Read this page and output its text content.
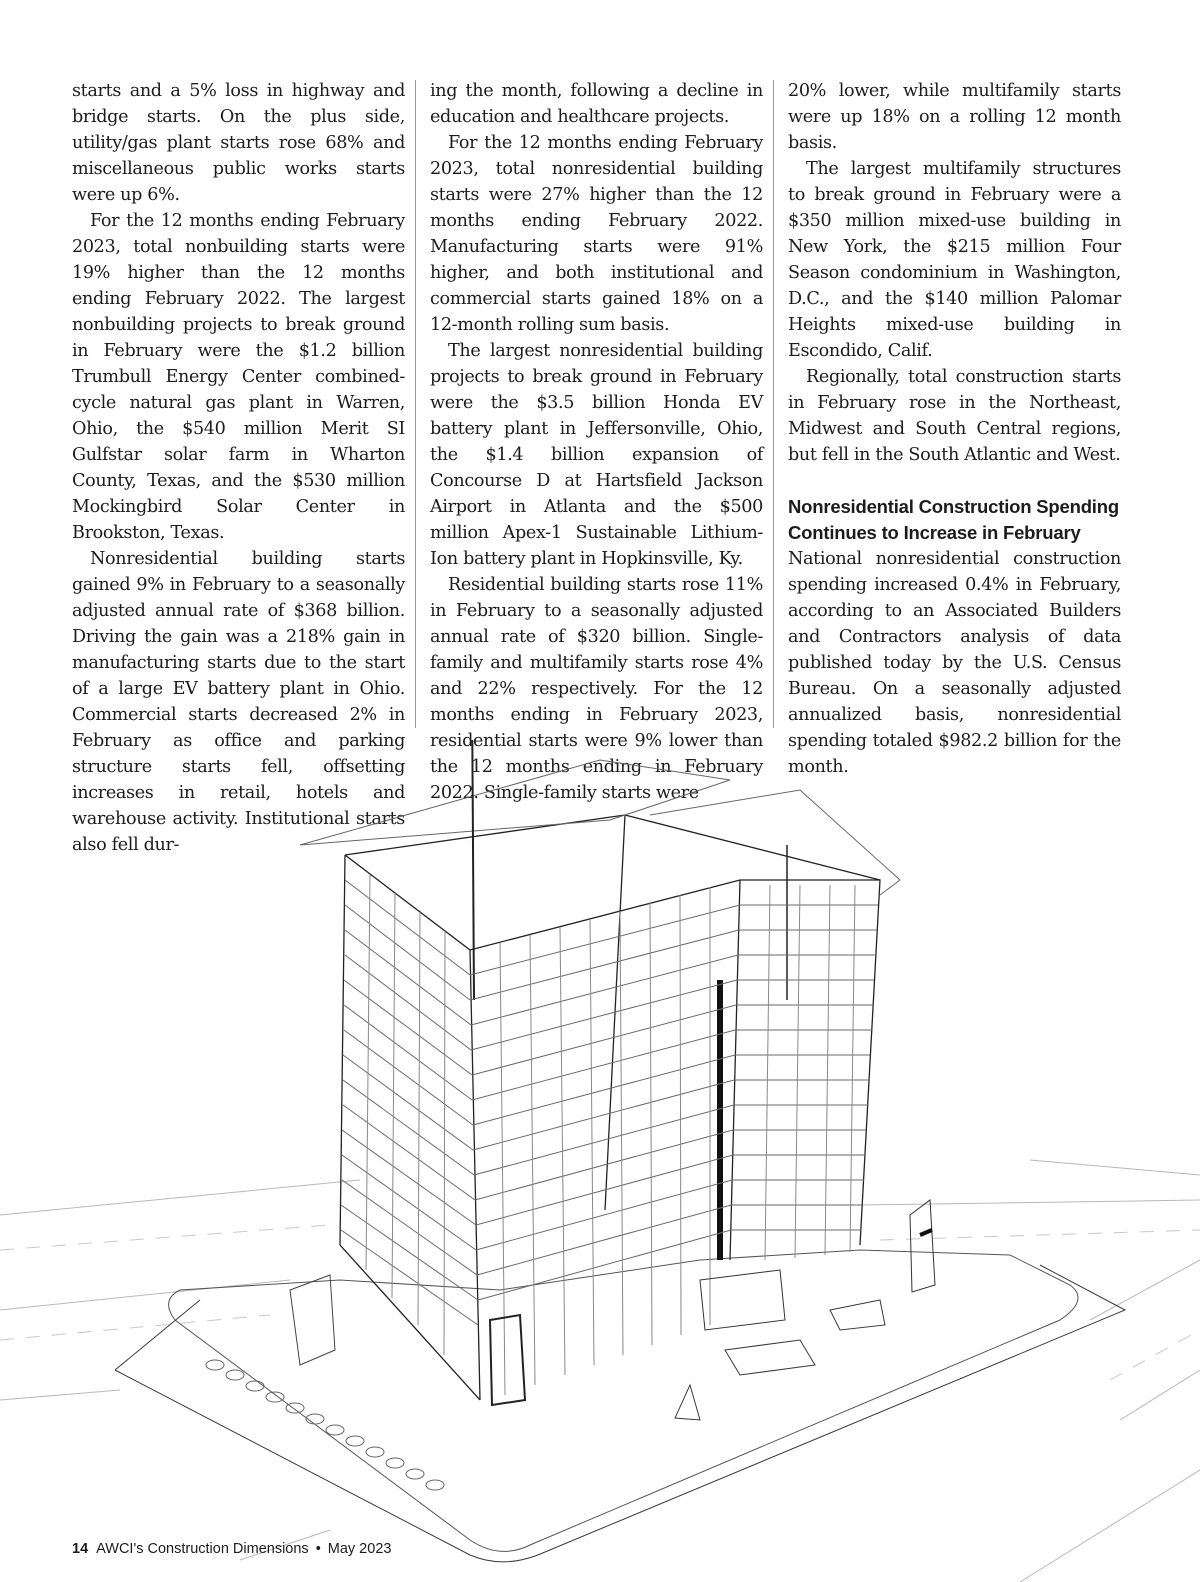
starts and a 5% loss in highway and bridge starts. On the plus side, utility/gas plant starts rose 68% and miscellaneous public works starts were up 6%.

For the 12 months ending February 2023, total nonbuilding starts were 19% higher than the 12 months ending February 2022. The largest nonbuilding projects to break ground in February were the $1.2 billion Trumbull Energy Center combined-cycle natural gas plant in Warren, Ohio, the $540 million Merit SI Gulfstar solar farm in Wharton County, Texas, and the $530 million Mockingbird Solar Center in Brookston, Texas.

Nonresidential building starts gained 9% in February to a seasonally adjusted annual rate of $368 billion. Driving the gain was a 218% gain in manufacturing starts due to the start of a large EV battery plant in Ohio. Commercial starts decreased 2% in February as office and parking structure starts fell, offsetting increases in retail, hotels and warehouse activity. Institutional starts also fell dur-

ing the month, following a decline in education and healthcare projects.

For the 12 months ending February 2023, total nonresidential building starts were 27% higher than the 12 months ending February 2022. Manufacturing starts were 91% higher, and both institutional and commercial starts gained 18% on a 12-month rolling sum basis.

The largest nonresidential building projects to break ground in February were the $3.5 billion Honda EV battery plant in Jeffersonville, Ohio, the $1.4 billion expansion of Concourse D at Hartsfield Jackson Airport in Atlanta and the $500 million Apex-1 Sustainable Lithium-Ion battery plant in Hopkinsville, Ky.

Residential building starts rose 11% in February to a seasonally adjusted annual rate of $320 billion. Single-family and multifamily starts rose 4% and 22% respectively. For the 12 months ending in February 2023, residential starts were 9% lower than the 12 months ending in February 2022. Single-family starts were

20% lower, while multifamily starts were up 18% on a rolling 12 month basis.

The largest multifamily structures to break ground in February were a $350 million mixed-use building in New York, the $215 million Four Season condominium in Washington, D.C., and the $140 million Palomar Heights mixed-use building in Escondido, Calif.

Regionally, total construction starts in February rose in the Northeast, Midwest and South Central regions, but fell in the South Atlantic and West.

Nonresidential Construction Spending Continues to Increase in February

National nonresidential construction spending increased 0.4% in February, according to an Associated Builders and Contractors analysis of data published today by the U.S. Census Bureau. On a seasonally adjusted annualized basis, nonresidential spending totaled $982.2 billion for the month.

14 AWCI's Construction Dimensions • May 2023
